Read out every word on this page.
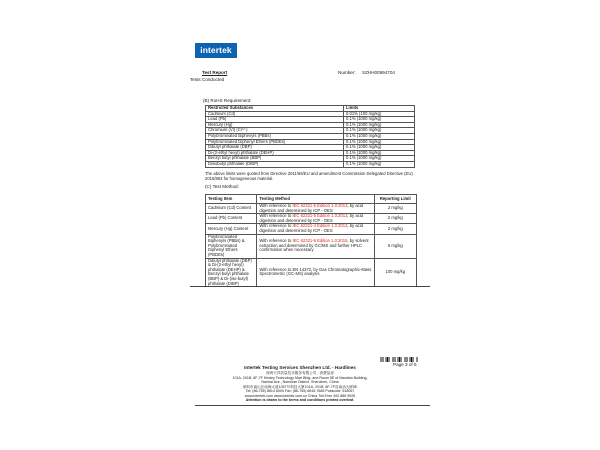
intertek
Test Report	Number: SZHH00994704
Tests Conducted
(B) RoHS Requirement:
Restricted Substances	Limits
Cadmium (Cd)	0.01% (100 mg/kg)
Lead (Pb)	0.1% (1000 mg/kg)
Mercury (Hg)	0.1% (1000 mg/kg)
Chromium (VI) (Cr⁶⁺)	0.1% (1000 mg/kg)
Polybrominated Biphenyls (PBBs)	0.1% (1000 mg/kg)
Polybrominated Diphenyl Ethers (PBDEs)	0.1% (1000 mg/kg)
Dibutyl phthalate (DBP)	0.1% (1000 mg/kg)
Di-(2-ethyl hexyl) phthalate (DEHP)	0.1% (1000 mg/kg)
Benzyl butyl phthalate (BBP)	0.1% (1000 mg/kg)
Diisobutyl phthalate (DIBP)	0.1% (1000 mg/kg)
The above limits were quoted from Directive 2011/65/EU and amendment Commission Delegated Directive (EU) 2015/863 for homogeneous material.
(C) Test Method:
Testing Item	Testing Method	Reporting Limit
Cadmium (Cd) Content	With reference to IEC 62321-5 Edition 1.0:2013, by acid digestion and determined by ICP - OES	2 mg/kg
Lead (Pb) Content	With reference to IEC 62321-5 Edition 1.0:2013, by acid digestion and determined by ICP - OES	2 mg/kg
Mercury (Hg) Content	With reference to IEC 62321-4 Edition 1.0:2013, by acid digestion and determined by ICP - OES	2 mg/kg
Polybrominated Biphenyls (PBBs) & Polybrominated Diphenyl Ethers (PBDEs)	With reference to IEC 62321-6 Edition 1.0:2015, by solvent extraction and determined by GC/MS and further HPLC confirmation when necessary	5 mg/kg
Dibutyl phthalate (DBP) & Di-(2-ethyl hexyl) phthalate (DEHP) & Benzyl butyl phthalate (BBP) & Di-(iso-butyl) phthalate (DIBP)	With reference to EN 14372, by Gas Chromatographic-Mass Spectrometric (GC-MS) analysis	100 mg/kg
Page 3 of 6
Intertek Testing Services Shenzhen Ltd. - Hardlines
深圳天祥质量技术服务有限公司 - 消费品部
101A, 201B, 6F-7F Kindey Technology Mart Bldg. and Room 5E of Nandian Building,
Nanhai Ave., Nanshan District, Shenzhen, China
深圳市南山区南海大道1057号科技大厦101A, 201B, 6F-7F及南油大厦5E
Tel: (86-755) 8614 6000 Fax: (86-755) 8616 7685 Postcode: 518067
www.intertek.com www.intertek.com.cn China Toll-Free 400 886 9926
Attention is drawn to the terms and conditions printed overleaf.
